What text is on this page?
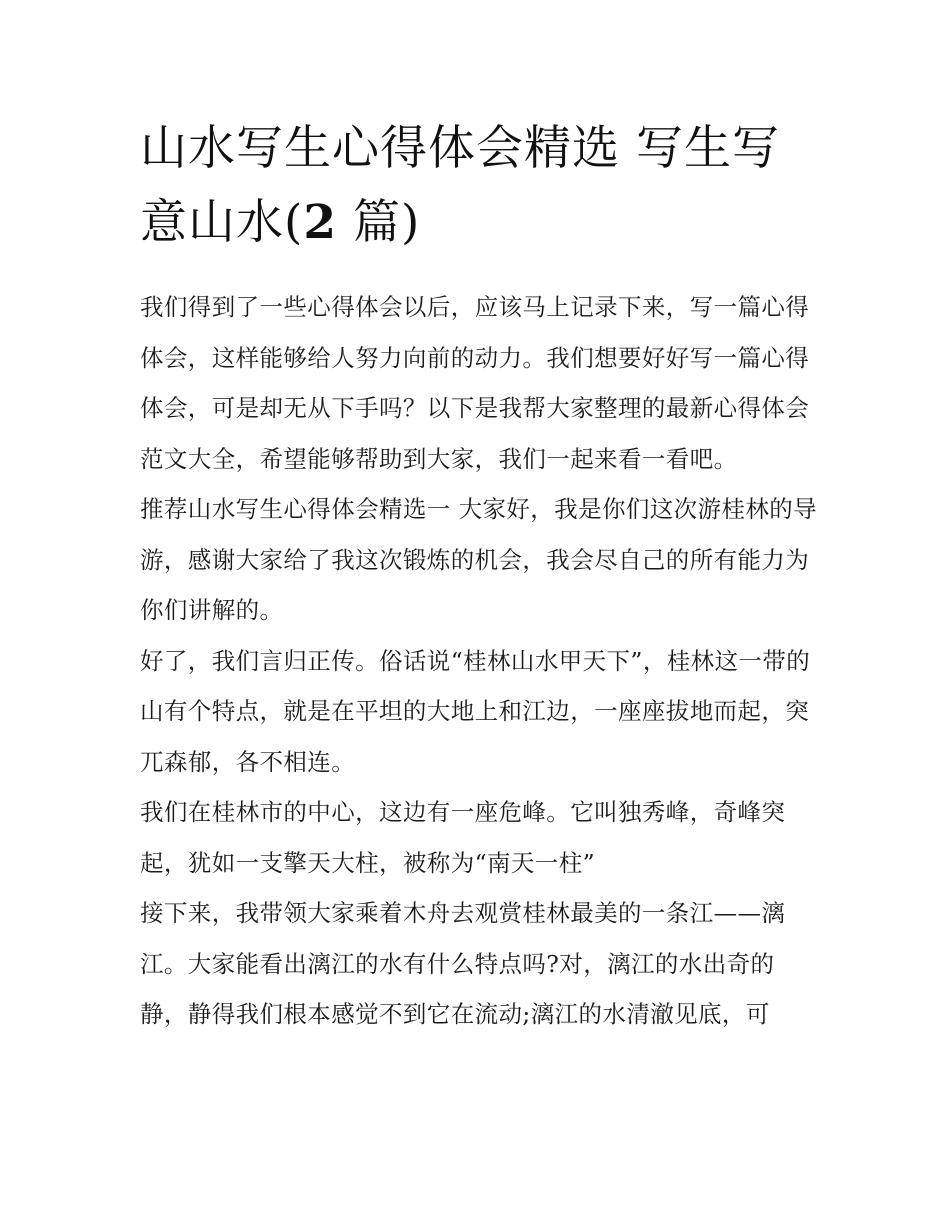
山水写生心得体会精选 写生写意山水(2 篇)

我们得到了一些心得体会以后，应该马上记录下来，写一篇心得体会，这样能够给人努力向前的动力。我们想要好好写一篇心得体会，可是却无从下手吗？以下是我帮大家整理的最新心得体会范文大全，希望能够帮助到大家，我们一起来看一看吧。

推荐山水写生心得体会精选一 大家好，我是你们这次游桂林的导游，感谢大家给了我这次锻炼的机会，我会尽自己的所有能力为你们讲解的。

好了，我们言归正传。俗话说“桂林山水甲天下”，桂林这一带的山有个特点，就是在平坦的大地上和江边，一座座拔地而起，突兀森郁，各不相连。

我们在桂林市的中心，这边有一座危峰。它叫独秀峰，奇峰突起，犹如一支擎天大柱，被称为“南天一柱”

接下来，我带领大家乘着木舟去观赏桂林最美的一条江——漓江。大家能看出漓江的水有什么特点吗?对，漓江的水出奇的静，静得我们根本感觉不到它在流动;漓江的水清澈见底，可
